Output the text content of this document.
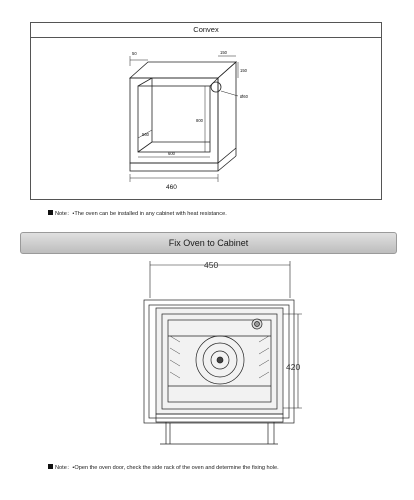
Convex
50	150
150
Ø60
800
560
600
460
Note：•The oven can be installed in any cabinet with heat resistance.
Fix Oven to Cabinet
450
420
Note：•Open the oven door, check the side rack of the oven and determine the fixing hole.
